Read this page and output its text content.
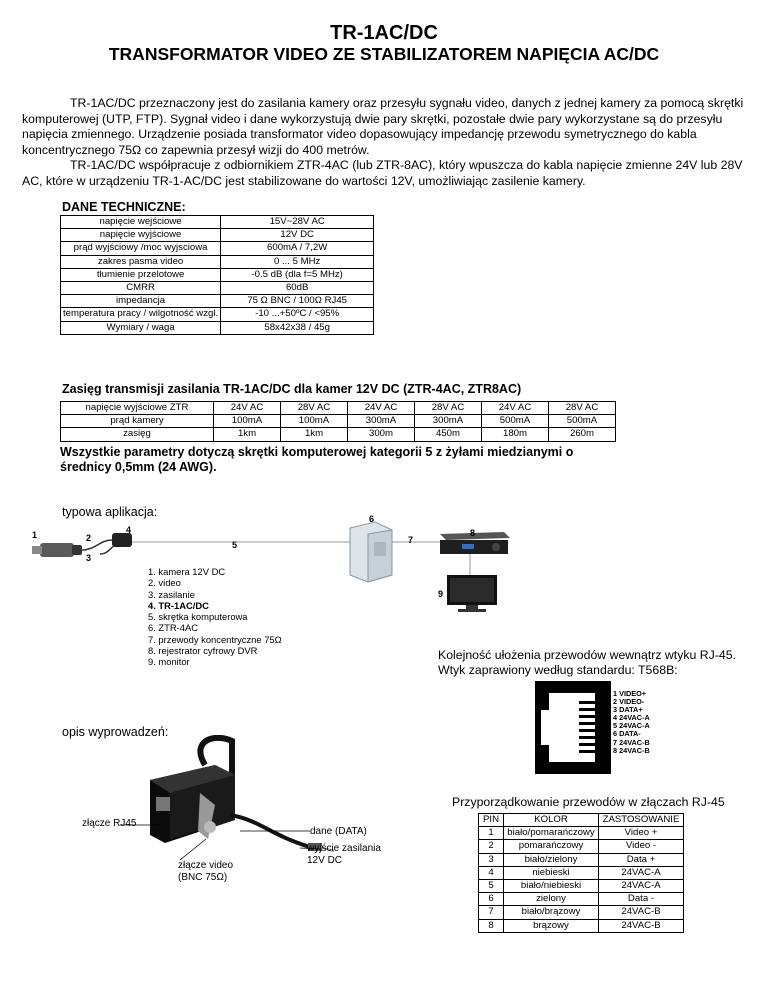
TR-1AC/DC
TRANSFORMATOR VIDEO ZE STABILIZATOREM NAPIĘCIA AC/DC

TR-1AC/DC przeznaczony jest do zasilania kamery oraz przesyłu sygnału video, danych z jednej kamery za pomocą skrętki komputerowej (UTP, FTP). Sygnał video i dane wykorzystują dwie pary skrętki, pozostałe dwie pary wykorzystane są do przesyłu napięcia zmiennego. Urządzenie posiada transformator video dopasowujący impedancję przewodu symetrycznego do kabla koncentrycznego 75Ω co zapewnia przesył wizji do 400 metrów.

TR-1AC/DC współpracuje z odbiornikiem ZTR-4AC (lub ZTR-8AC), który wpuszcza do kabla napięcie zmienne 24V lub 28V AC, które w urządzeniu TR-1-AC/DC jest stabilizowane do wartości 12V, umożliwiając zasilenie kamery.

DANE TECHNICZNE:
napięcie wejściowe	15V~28V AC
napięcie wyjściowe	12V DC
prąd wyjściowy /moc wyjsciowa	600mA / 7,2W
zakres pasma video	0 ... 5 MHz
tłumienie przelotowe	-0.5 dB (dla f=5 MHz)
CMRR	60dB
impedancja	75 Ω BNC / 100Ω RJ45
temperatura pracy / wilgotność wzgl.	-10 ...+50ºC / <95%
Wymiary / waga	58x42x38 / 45g
Zasięg transmisji zasilania TR-1AC/DC dla kamer 12V DC (ZTR-4AC, ZTR8AC)
napięcie wyjściowe ZTR	24V AC	28V AC	24V AC	28V AC	24V AC	28V AC
prąd kamery	100mA	100mA	300mA	300mA	500mA	500mA
zasięg	1km	1km	300m	450m	180m	260m
Wszystkie parametry dotyczą skrętki komputerowej kategorii 5 z żyłami miedzianymi o średnicy 0,5mm (24 AWG).
typowa aplikacja:
1	2
3
4
5
6
7
8
9
1. kamera 12V DC
2. video
3. zasilanie
4. TR-1AC/DC
5. skrętka komputerowa
6. ZTR-4AC
7. przewody koncentryczne 75Ω
8. rejestrator cyfrowy DVR
9. monitor	Kolejność ułożenia przewodów wewnątrz wtyku RJ-45.
Wtyk zaprawiony według standardu: T568B:
1 VIDEO+
2 VIDEO-
3 DATA+
4 24VAC-A
5 24VAC-A
6 DATA-
7 24VAC-B
8 24VAC-B
opis wyprowadzeń:
złącze RJ45
dane (DATA)
wyjście zasilania
12V DC
złącze video
(BNC 75Ω)
Przyporządkowanie przewodów w złączach RJ-45
PIN	KOLOR	ZASTOSOWANIE
1	biało/pomarańczowy	Video +
2	pomarańczowy	Video -
3	biało/zielony	Data +
4	niebieski	24VAC-A
5	biało/niebieski	24VAC-A
6	zielony	Data -
7	biało/brązowy	24VAC-B
8	brązowy	24VAC-B
